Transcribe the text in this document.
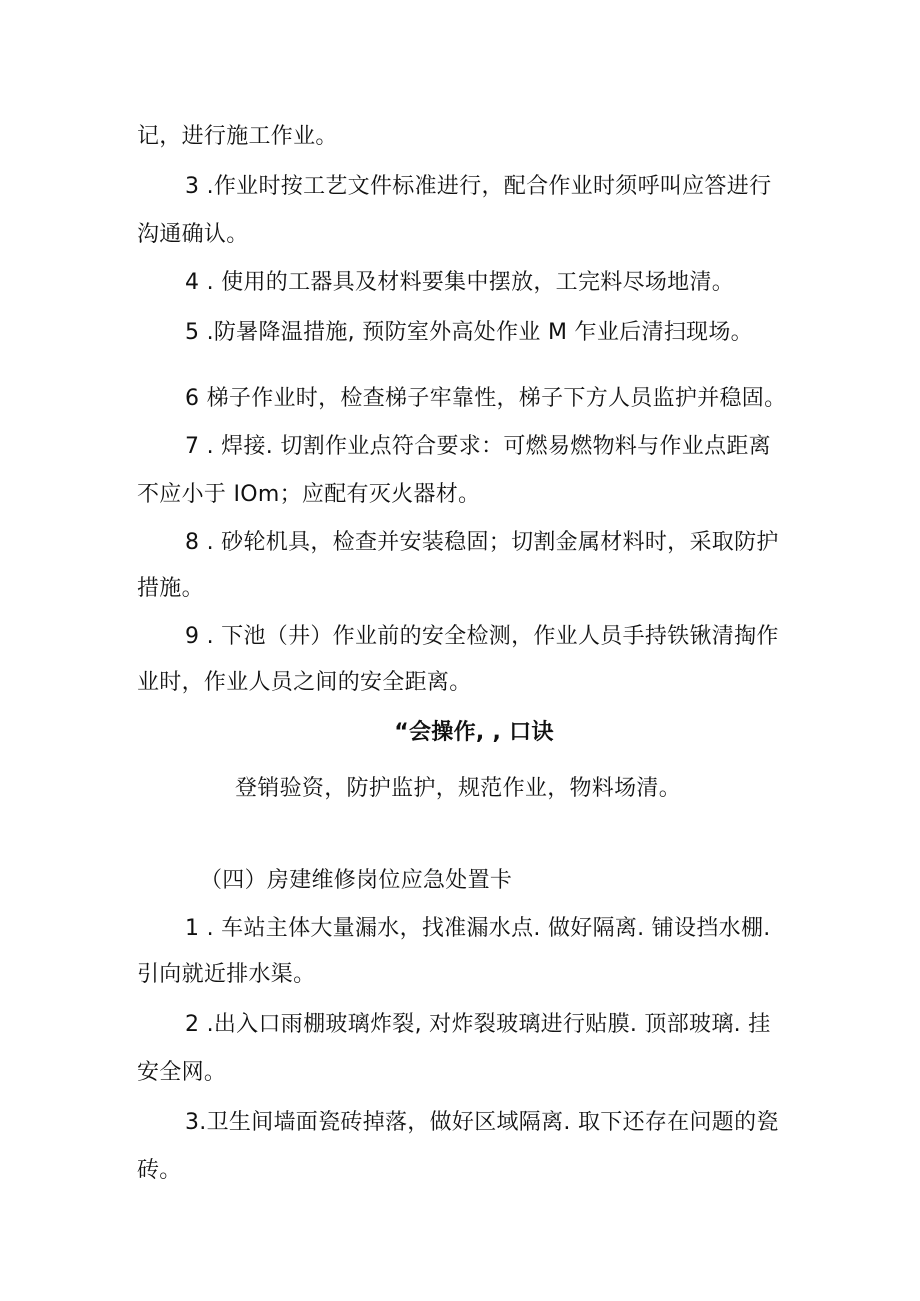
记，进行施工作业。
3 .作业时按工艺文件标准进行，配合作业时须呼叫应答进行
沟通确认。
4 . 使用的工器具及材料要集中摆放，工完料尽场地清。
5 .防暑降温措施, 预防室外高处作业 M 乍业后清扫现场。
6 梯子作业时，检查梯子牢靠性，梯子下方人员监护并稳固。
7 . 焊接. 切割作业点符合要求：可燃易燃物料与作业点距离
不应小于 IOm；应配有灭火器材。
8 . 砂轮机具，检查并安装稳固；切割金属材料时，采取防护
措施。
9 . 下池（井）作业前的安全检测，作业人员手持铁锹清掏作
业时，作业人员之间的安全距离。
“会操作, , 口诀
登销验资，防护监护，规范作业，物料场清。
（四）房建维修岗位应急处置卡
1 . 车站主体大量漏水，找准漏水点. 做好隔离. 铺设挡水棚.
引向就近排水渠。
2 .出入口雨棚玻璃炸裂, 对炸裂玻璃进行贴膜. 顶部玻璃. 挂
安全网。
3.卫生间墙面瓷砖掉落，做好区域隔离. 取下还存在问题的瓷
砖。
